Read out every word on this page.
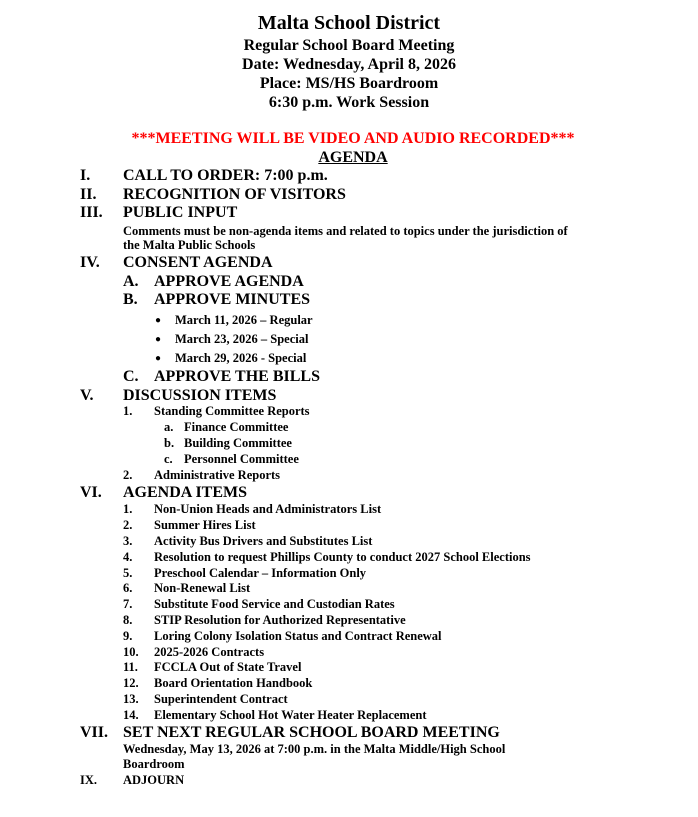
Malta School District
Regular School Board Meeting
Date: Wednesday, April 8, 2026
Place: MS/HS Boardroom
6:30 p.m. Work Session
***MEETING WILL BE VIDEO AND AUDIO RECORDED***
AGENDA
I. CALL TO ORDER: 7:00 p.m.
II. RECOGNITION OF VISITORS
III. PUBLIC INPUT
Comments must be non-agenda items and related to topics under the jurisdiction of
the Malta Public Schools
IV. CONSENT AGENDA
A. APPROVE AGENDA
B. APPROVE MINUTES
● March 11, 2026 – Regular
● March 23, 2026 – Special
● March 29, 2026 - Special
C. APPROVE THE BILLS
V. DISCUSSION ITEMS
1. Standing Committee Reports
a. Finance Committee
b. Building Committee
c. Personnel Committee
2. Administrative Reports
VI. AGENDA ITEMS
1. Non-Union Heads and Administrators List
2. Summer Hires List
3. Activity Bus Drivers and Substitutes List
4. Resolution to request Phillips County to conduct 2027 School Elections
5. Preschool Calendar – Information Only
6. Non-Renewal List
7. Substitute Food Service and Custodian Rates
8. STIP Resolution for Authorized Representative
9. Loring Colony Isolation Status and Contract Renewal
10. 2025-2026 Contracts
11. FCCLA Out of State Travel
12. Board Orientation Handbook
13. Superintendent Contract
14. Elementary School Hot Water Heater Replacement
VII. SET NEXT REGULAR SCHOOL BOARD MEETING
Wednesday, May 13, 2026 at 7:00 p.m. in the Malta Middle/High School
Boardroom
IX. ADJOURN
